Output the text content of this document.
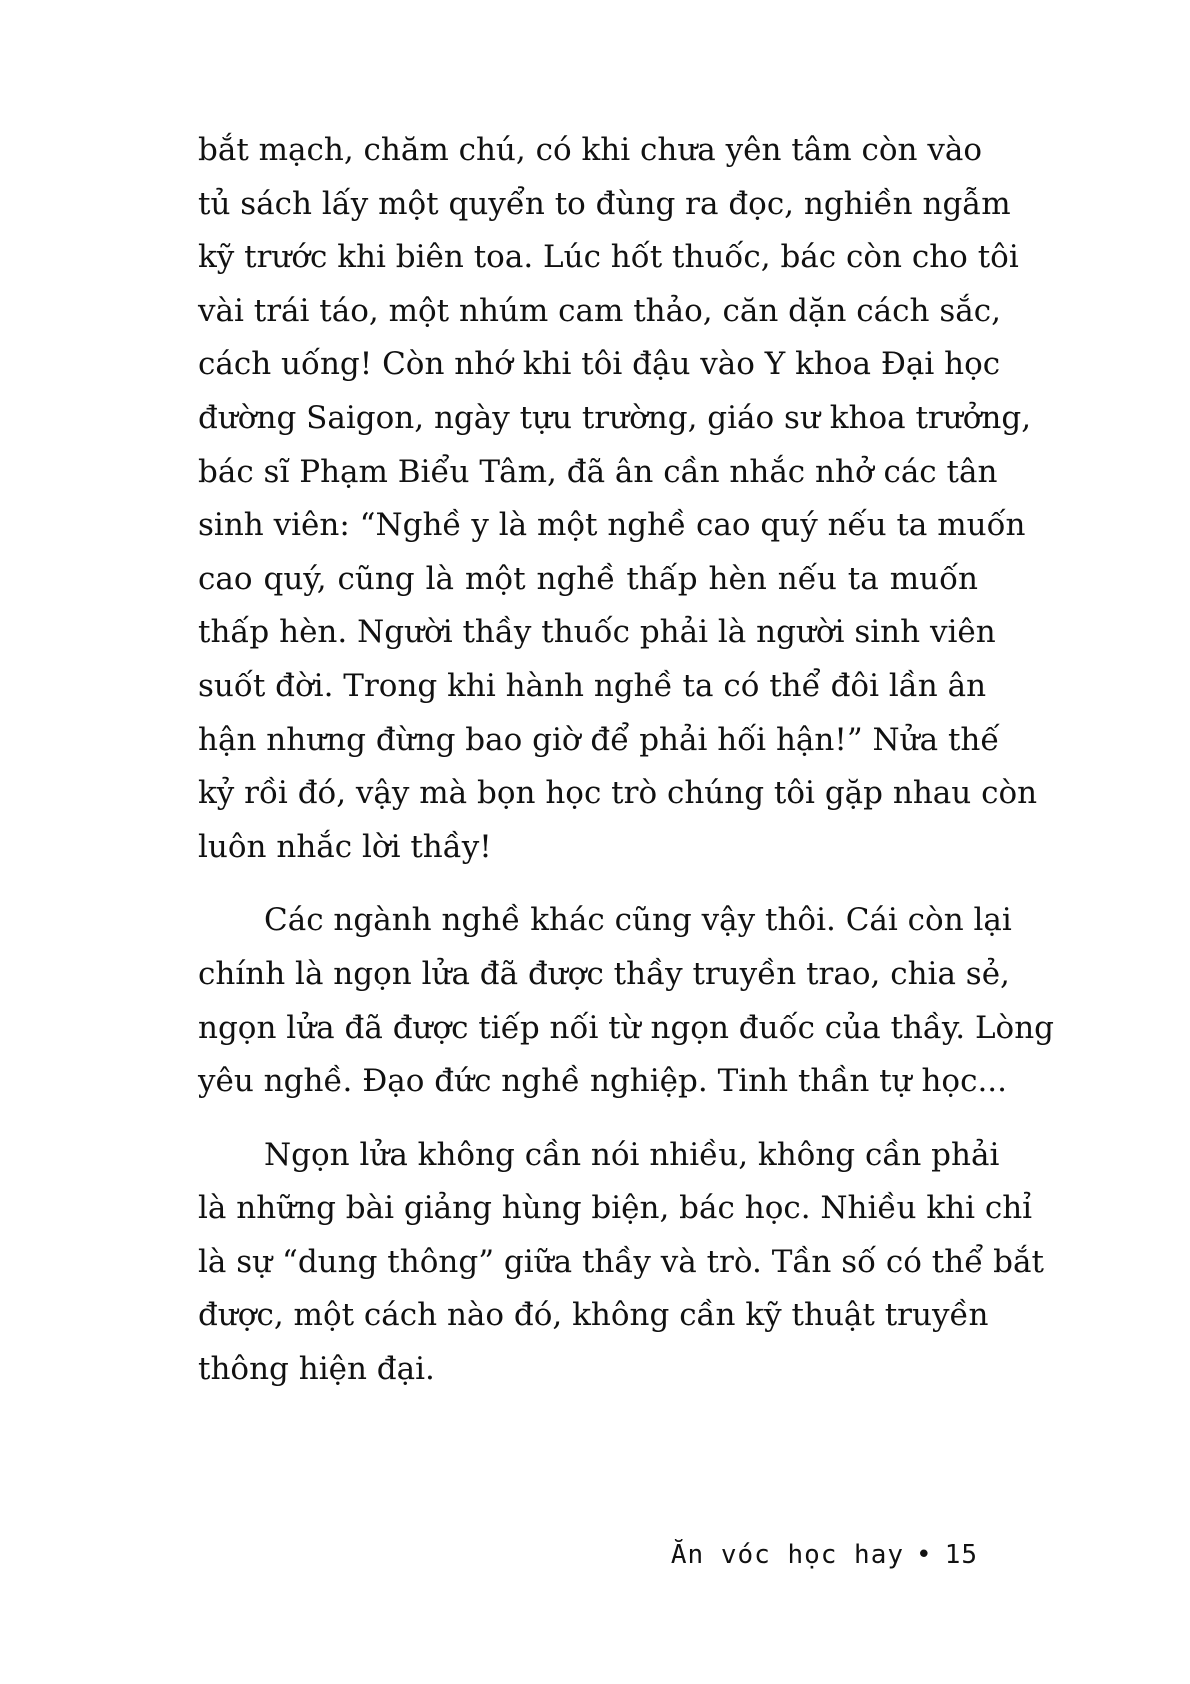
bắt mạch, chăm chú, có khi chưa yên tâm còn vào
tủ sách lấy một quyển to đùng ra đọc, nghiền ngẫm
kỹ trước khi biên toa. Lúc hốt thuốc, bác còn cho tôi
vài trái táo, một nhúm cam thảo, căn dặn cách sắc,
cách uống! Còn nhớ khi tôi đậu vào Y khoa Đại học
đường Saigon, ngày tựu trường, giáo sư khoa trưởng,
bác sĩ Phạm Biểu Tâm, đã ân cần nhắc nhở các tân
sinh viên: “Nghề y là một nghề cao quý nếu ta muốn
cao quý, cũng là một nghề thấp hèn nếu ta muốn
thấp hèn. Người thầy thuốc phải là người sinh viên
suốt đời. Trong khi hành nghề ta có thể đôi lần ân
hận nhưng đừng bao giờ để phải hối hận!” Nửa thế
kỷ rồi đó, vậy mà bọn học trò chúng tôi gặp nhau còn
luôn nhắc lời thầy!
Các ngành nghề khác cũng vậy thôi. Cái còn lại
chính là ngọn lửa đã được thầy truyền trao, chia sẻ,
ngọn lửa đã được tiếp nối từ ngọn đuốc của thầy. Lòng
yêu nghề. Đạo đức nghề nghiệp. Tinh thần tự học...
Ngọn lửa không cần nói nhiều, không cần phải
là những bài giảng hùng biện, bác học. Nhiều khi chỉ
là sự “dung thông” giữa thầy và trò. Tần số có thể bắt
được, một cách nào đó, không cần kỹ thuật truyền
thông hiện đại.
Ăn vóc học hay • 15
